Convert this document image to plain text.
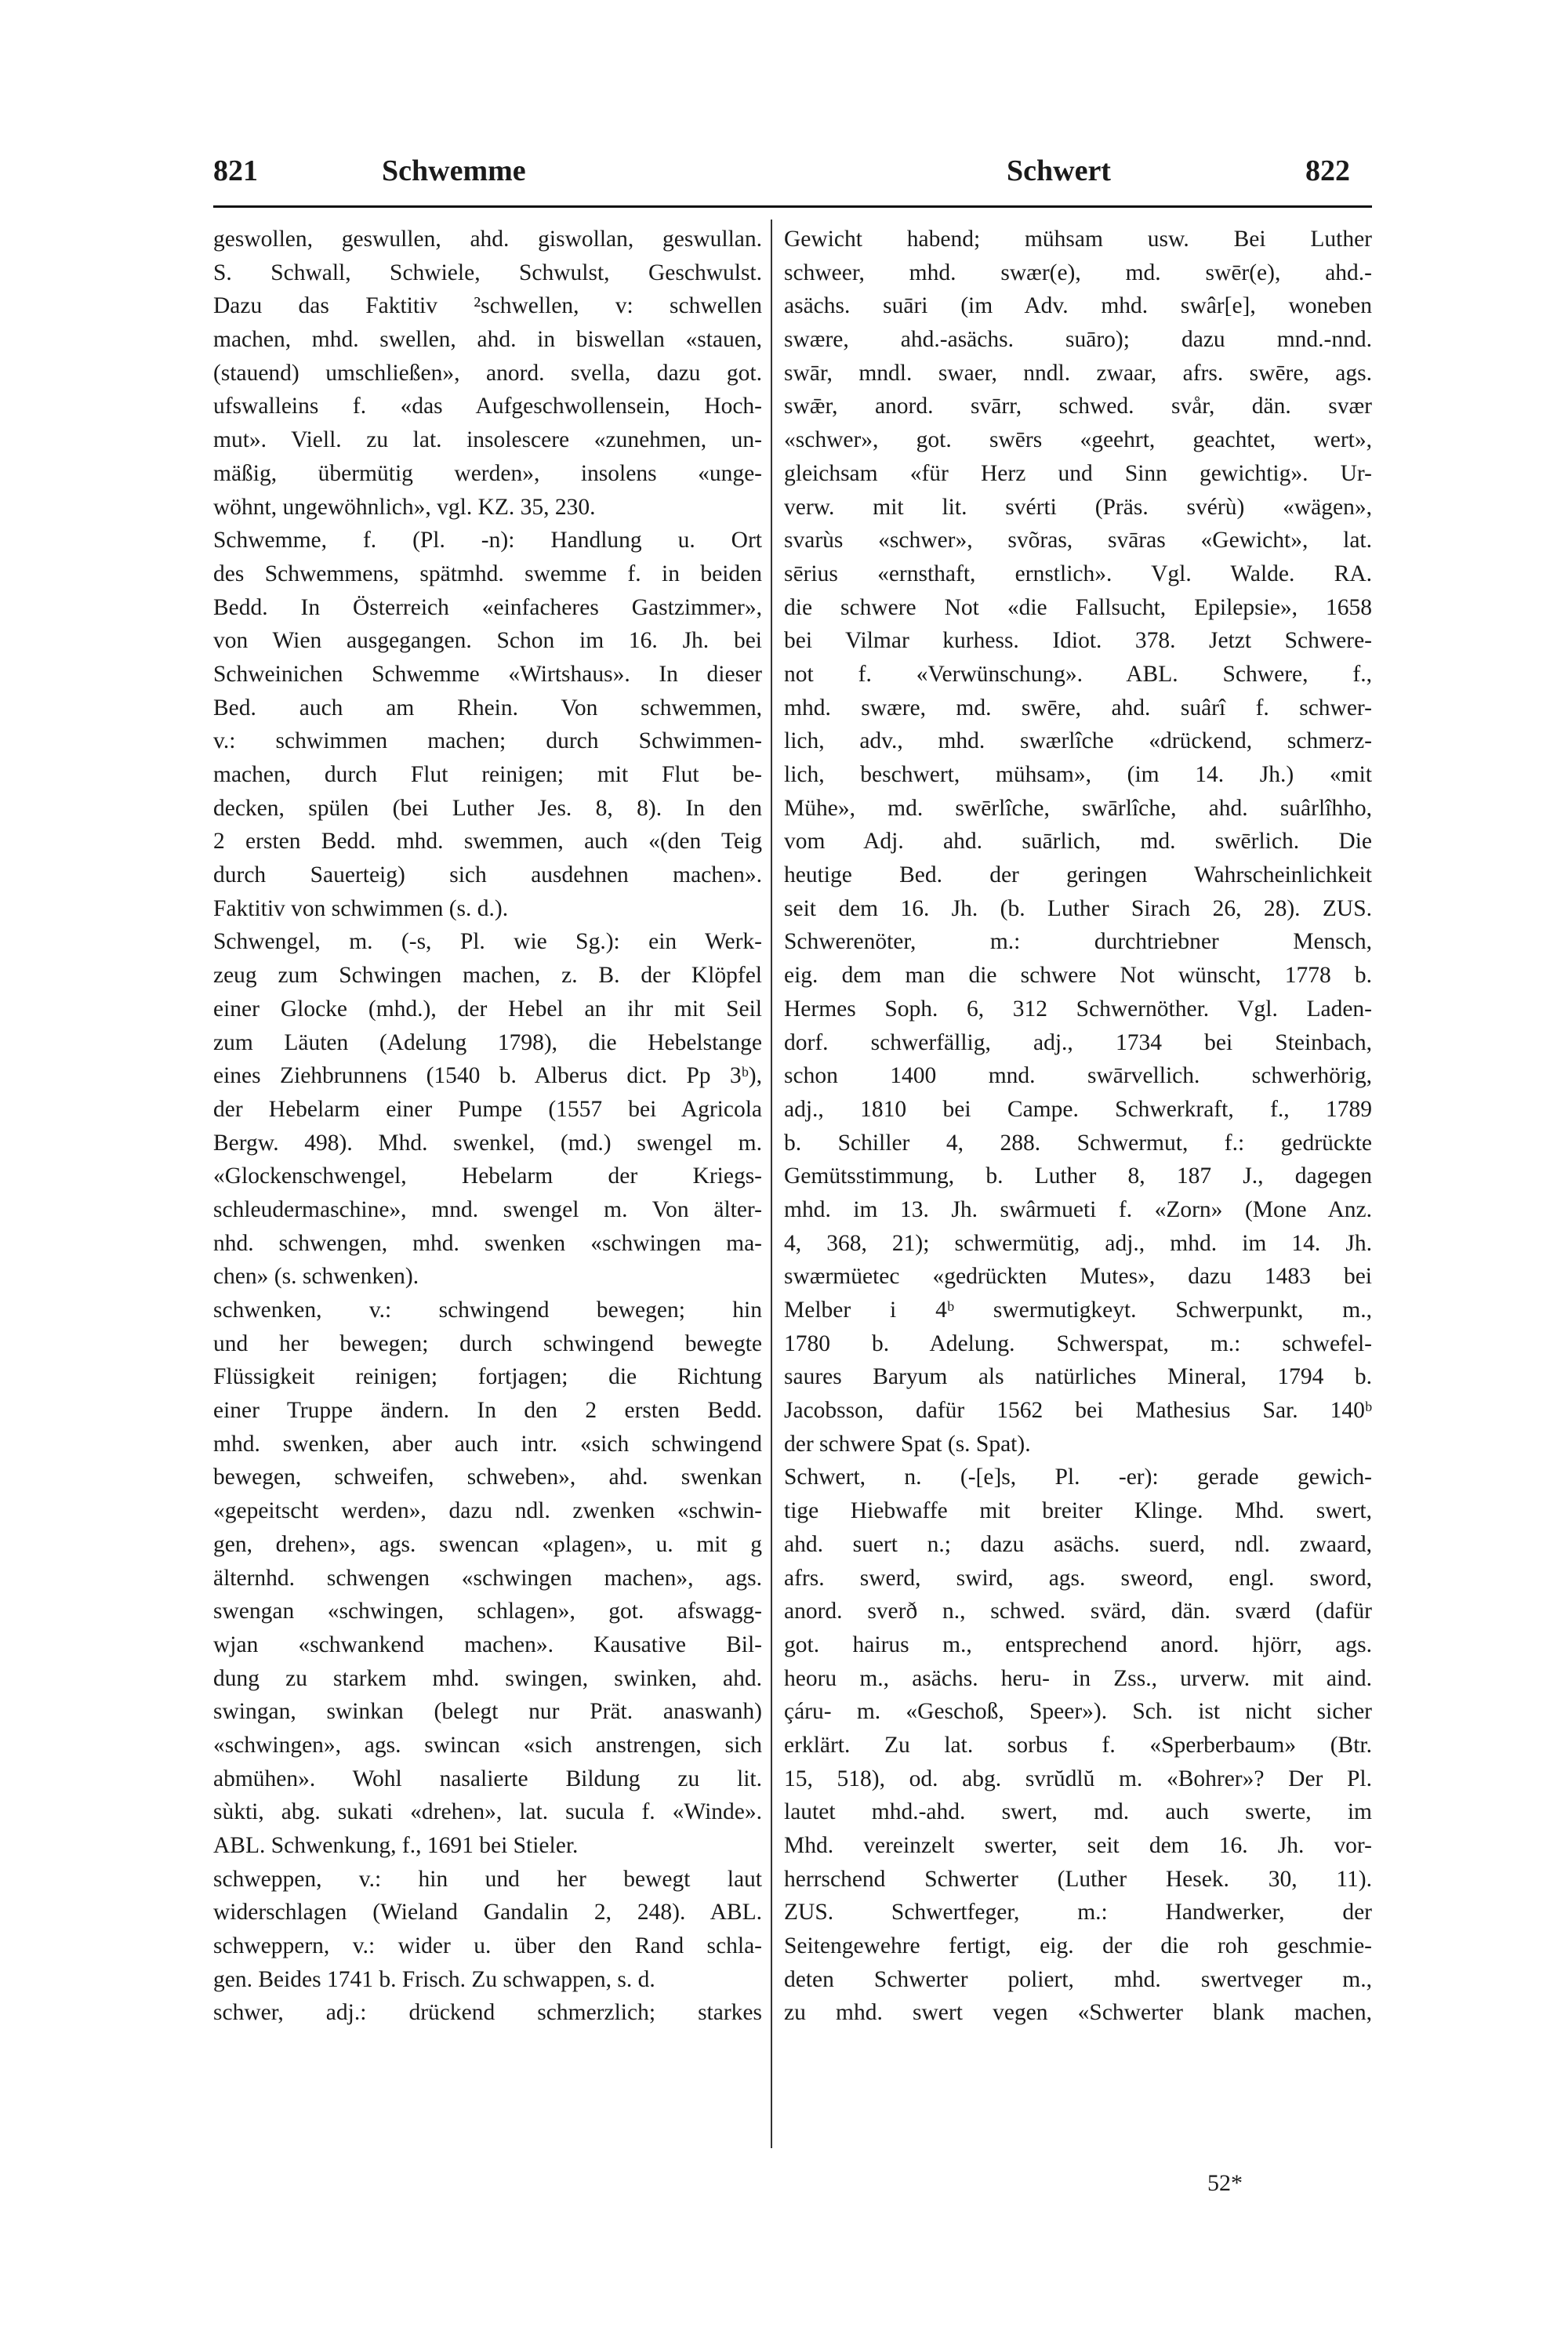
821	Schwemme	Schwert	822
geswollen, geswullen, ahd. giswollan, geswullan.
S. Schwall, Schwiele, Schwulst, Geschwulst.
Dazu das Faktitiv ²schwellen, v: schwellen
machen, mhd. swellen, ahd. in biswellan «stauen,
(stauend) umschließen», anord. svella, dazu got.
ufswalleins f. «das Aufgeschwollensein, Hoch-
mut». Viell. zu lat. insolescere «zunehmen, un-
mäßig, übermütig werden», insolens «unge-
wöhnt, ungewöhnlich», vgl. KZ. 35, 230.
Schwemme, f. (Pl. -n): Handlung u. Ort
des Schwemmens, spätmhd. swemme f. in beiden
Bedd. In Österreich «einfacheres Gastzimmer»,
von Wien ausgegangen. Schon im 16. Jh. bei
Schweinichen Schwemme «Wirtshaus». In dieser
Bed. auch am Rhein. Von schwemmen,
v.: schwimmen machen; durch Schwimmen-
machen, durch Flut reinigen; mit Flut be-
decken, spülen (bei Luther Jes. 8, 8). In den
2 ersten Bedd. mhd. swemmen, auch «(den Teig
durch Sauerteig) sich ausdehnen machen».
Faktitiv von schwimmen (s. d.).
Schwengel, m. (-s, Pl. wie Sg.): ein Werk-
zeug zum Schwingen machen, z. B. der Klöpfel
einer Glocke (mhd.), der Hebel an ihr mit Seil
zum Läuten (Adelung 1798), die Hebelstange
eines Ziehbrunnens (1540 b. Alberus dict. Pp 3ᵇ),
der Hebelarm einer Pumpe (1557 bei Agricola
Bergw. 498). Mhd. swenkel, (md.) swengel m.
«Glockenschwengel, Hebelarm der Kriegs-
schleudermaschine», mnd. swengel m. Von älter-
nhd. schwengen, mhd. swenken «schwingen ma-
chen» (s. schwenken).
schwenken, v.: schwingend bewegen; hin
und her bewegen; durch schwingend bewegte
Flüssigkeit reinigen; fortjagen; die Richtung
einer Truppe ändern. In den 2 ersten Bedd.
mhd. swenken, aber auch intr. «sich schwingend
bewegen, schweifen, schweben», ahd. swenkan
«gepeitscht werden», dazu ndl. zwenken «schwin-
gen, drehen», ags. swencan «plagen», u. mit g
älternhd. schwengen «schwingen machen», ags.
swengan «schwingen, schlagen», got. afswagg-
wjan «schwankend machen». Kausative Bil-
dung zu starkem mhd. swingen, swinken, ahd.
swingan, swinkan (belegt nur Prät. anaswanh)
«schwingen», ags. swincan «sich anstrengen, sich
abmühen». Wohl nasalierte Bildung zu lit.
sùkti, abg. sukati «drehen», lat. sucula f. «Winde».
ABL. Schwenkung, f., 1691 bei Stieler.
schweppen, v.: hin und her bewegt laut
widerschlagen (Wieland Gandalin 2, 248). ABL.
schweppern, v.: wider u. über den Rand schla-
gen. Beides 1741 b. Frisch. Zu schwappen, s. d.
schwer, adj.: drückend schmerzlich; starkes
Gewicht habend; mühsam usw. Bei Luther
schweer, mhd. swær(e), md. swēr(e), ahd.-
asächs. suāri (im Adv. mhd. swâr[e], woneben
swære, ahd.-asächs. suāro); dazu mnd.-nnd.
swār, mndl. swaer, nndl. zwaar, afrs. swēre, ags.
swǣr, anord. svārr, schwed. svår, dän. svær
«schwer», got. swērs «geehrt, geachtet, wert»,
gleichsam «für Herz und Sinn gewichtig». Ur-
verw. mit lit. svérti (Präs. svérù) «wägen»,
svarùs «schwer», svõras, svāras «Gewicht», lat.
sērius «ernsthaft, ernstlich». Vgl. Walde. RA.
die schwere Not «die Fallsucht, Epilepsie», 1658
bei Vilmar kurhess. Idiot. 378. Jetzt Schwere-
not f. «Verwünschung». ABL. Schwere, f.,
mhd. swære, md. swēre, ahd. suârî f. schwer-
lich, adv., mhd. swærlîche «drückend, schmerz-
lich, beschwert, mühsam», (im 14. Jh.) «mit
Mühe», md. swērlîche, swārlîche, ahd. suârlîhho,
vom Adj. ahd. suārlich, md. swērlich. Die
heutige Bed. der geringen Wahrscheinlichkeit
seit dem 16. Jh. (b. Luther Sirach 26, 28). ZUS.
Schwerenöter, m.: durchtriebner Mensch,
eig. dem man die schwere Not wünscht, 1778 b.
Hermes Soph. 6, 312 Schwernöther. Vgl. Laden-
dorf. schwerfällig, adj., 1734 bei Steinbach,
schon 1400 mnd. swārvellich. schwerhörig,
adj., 1810 bei Campe. Schwerkraft, f., 1789
b. Schiller 4, 288. Schwermut, f.: gedrückte
Gemütsstimmung, b. Luther 8, 187 J., dagegen
mhd. im 13. Jh. swârmueti f. «Zorn» (Mone Anz.
4, 368, 21); schwermütig, adj., mhd. im 14. Jh.
swærmüetec «gedrückten Mutes», dazu 1483 bei
Melber i 4ᵇ swermutigkeyt. Schwerpunkt, m.,
1780 b. Adelung. Schwerspat, m.: schwefel-
saures Baryum als natürliches Mineral, 1794 b.
Jacobsson, dafür 1562 bei Mathesius Sar. 140ᵇ
der schwere Spat (s. Spat).
Schwert, n. (-[e]s, Pl. -er): gerade gewich-
tige Hiebwaffe mit breiter Klinge. Mhd. swert,
ahd. suert n.; dazu asächs. suerd, ndl. zwaard,
afrs. swerd, swird, ags. sweord, engl. sword,
anord. sverð n., schwed. svärd, dän. sværd (dafür
got. hairus m., entsprechend anord. hjörr, ags.
heoru m., asächs. heru- in Zss., urverw. mit aind.
çáru- m. «Geschoß, Speer»). Sch. ist nicht sicher
erklärt. Zu lat. sorbus f. «Sperberbaum» (Btr.
15, 518), od. abg. svrŭdlŭ m. «Bohrer»? Der Pl.
lautet mhd.-ahd. swert, md. auch swerte, im
Mhd. vereinzelt swerter, seit dem 16. Jh. vor-
herrschend Schwerter (Luther Hesek. 30, 11).
ZUS. Schwertfeger, m.: Handwerker, der
Seitengewehre fertigt, eig. der die roh geschmie-
deten Schwerter poliert, mhd. swertveger m.,
zu mhd. swert vegen «Schwerter blank machen,
52*
